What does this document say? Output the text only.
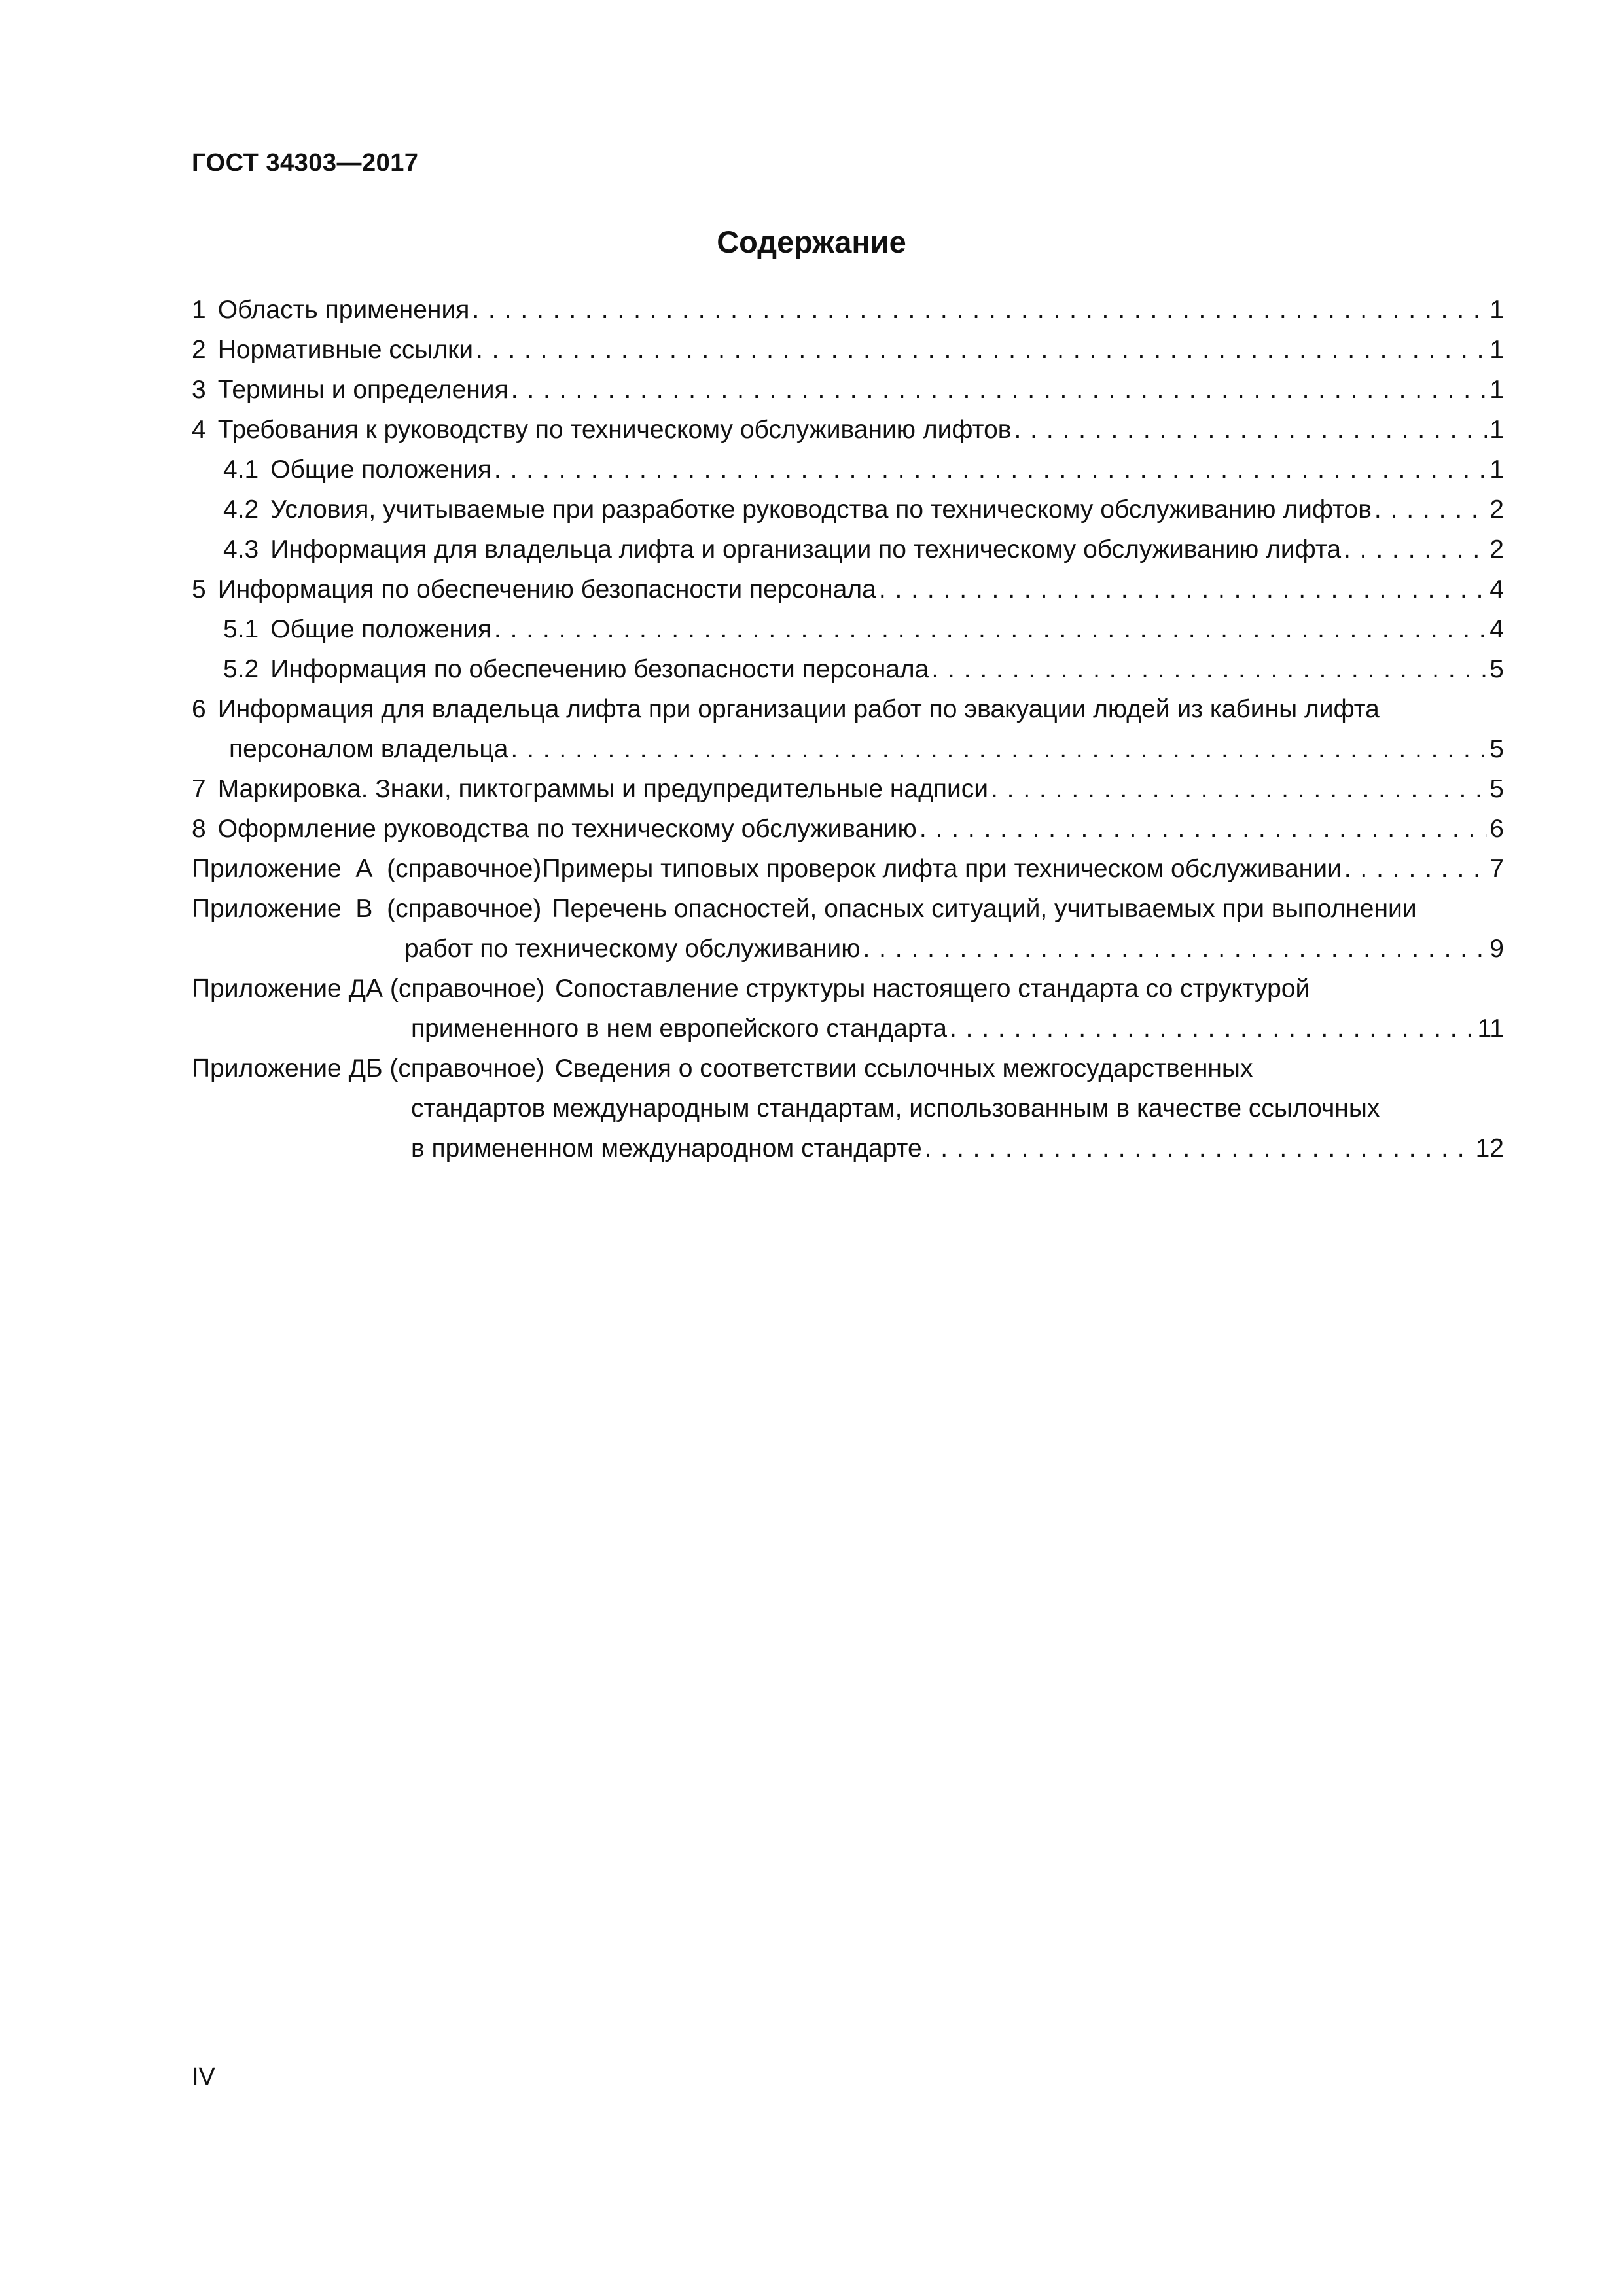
ГОСТ 34303—2017
Содержание
1 Область применения . . .	1
2 Нормативные ссылки . . .	1
3 Термины и определения . . .	1
4 Требования к руководству по техническому обслуживанию лифтов . . .	1
4.1 Общие положения . . .	1
4.2 Условия, учитываемые при разработке руководства по техническому обслуживанию лифтов . . .	2
4.3 Информация для владельца лифта и организации по техническому обслуживанию лифта . . .	2
5 Информация по обеспечению безопасности персонала . . .	4
5.1 Общие положения . . .	4
5.2 Информация по обеспечению безопасности персонала . . .	5
6 Информация для владельца лифта при организации работ по эвакуации людей из кабины лифта
персоналом владельца . . .	5
7 Маркировка. Знаки, пиктограммы и предупредительные надписи . . .	5
8 Оформление руководства по техническому обслуживанию . . .	6
Приложение  А  (справочное) Примеры типовых проверок лифта при техническом обслуживании . . .	7
Приложение  В  (справочное) Перечень опасностей, опасных ситуаций, учитываемых при выполнении
работ по техническому обслуживанию . . .	9
Приложение ДА (справочное) Сопоставление структуры настоящего стандарта со структурой
примененного в нем европейского стандарта . . .	11
Приложение ДБ (справочное) Сведения о соответствии ссылочных межгосударственных
стандартов международным стандартам, использованным в качестве ссылочных
в примененном международном стандарте . . .	12
IV
